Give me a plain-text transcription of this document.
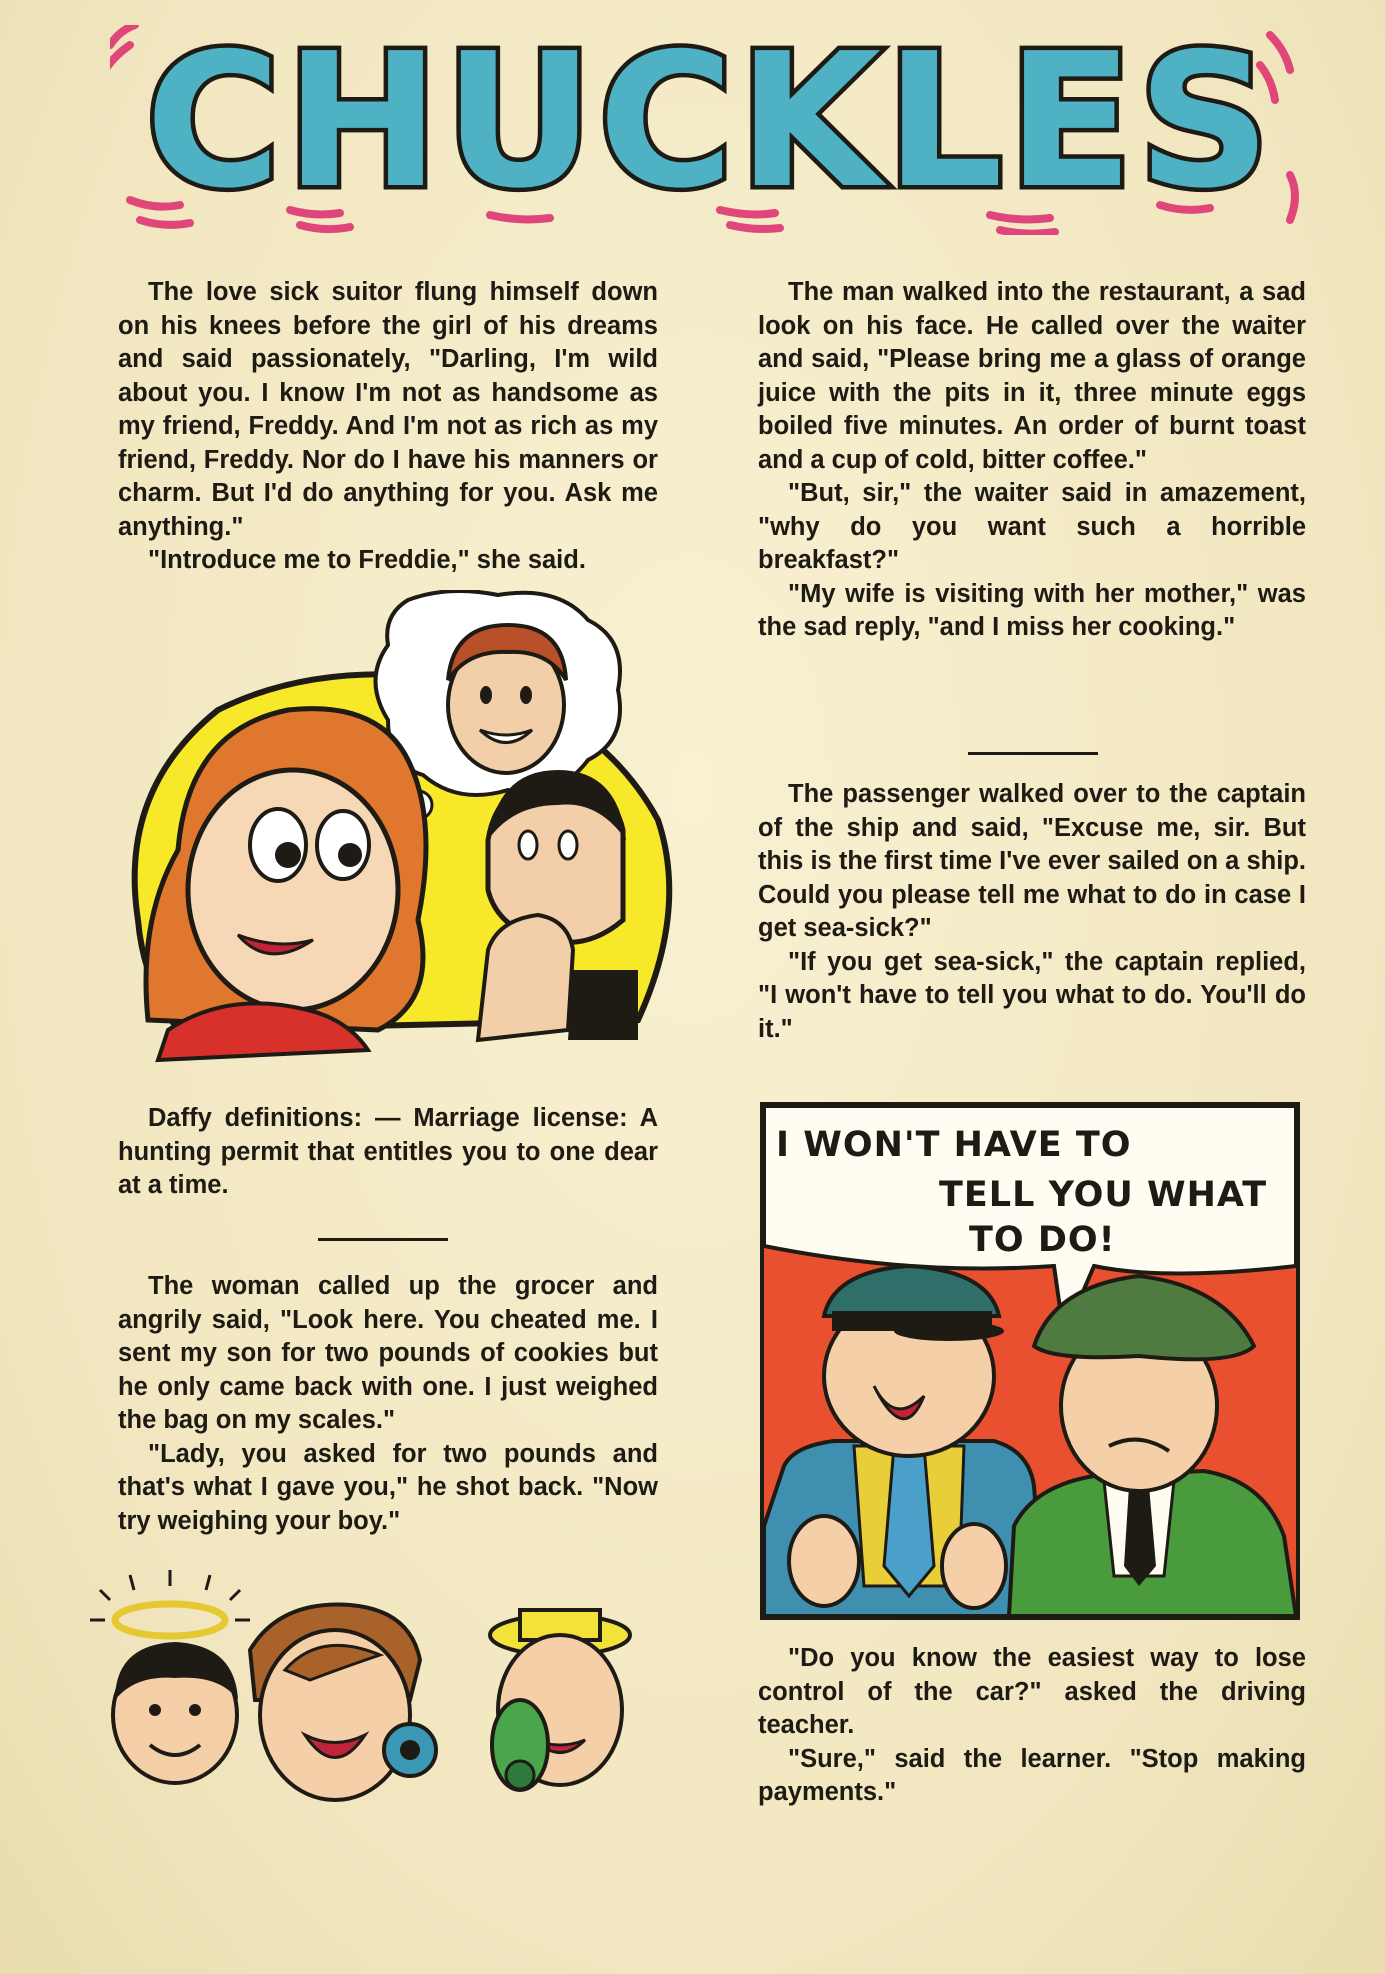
CHUCKLES

The love sick suitor flung himself down on his knees before the girl of his dreams and said passionately, "Darling, I'm wild about you. I know I'm not as handsome as my friend, Freddy. And I'm not as rich as my friend, Freddy. Nor do I have his manners or charm. But I'd do anything for you. Ask me anything."

"Introduce me to Freddie," she said.

Daffy definitions: — Marriage license: A hunting permit that entitles you to one dear at a time.

The woman called up the grocer and angrily said, "Look here. You cheated me. I sent my son for two pounds of cookies but he only came back with one. I just weighed the bag on my scales."

"Lady, you asked for two pounds and that's what I gave you," he shot back. "Now try weighing your boy."

The man walked into the restaurant, a sad look on his face. He called over the waiter and said, "Please bring me a glass of orange juice with the pits in it, three minute eggs boiled five minutes. An order of burnt toast and a cup of cold, bitter coffee."

"But, sir," the waiter said in amazement, "why do you want such a horrible breakfast?"

"My wife is visiting with her mother," was the sad reply, "and I miss her cooking."

The passenger walked over to the captain of the ship and said, "Excuse me, sir. But this is the first time I've ever sailed on a ship. Could you please tell me what to do in case I get sea-sick?"

"If you get sea-sick," the captain replied, "I won't have to tell you what to do. You'll do it."

I WON'T HAVE TO
TELL YOU WHAT
TO DO!

"Do you know the easiest way to lose control of the car?" asked the driving teacher.

"Sure," said the learner. "Stop making payments."
